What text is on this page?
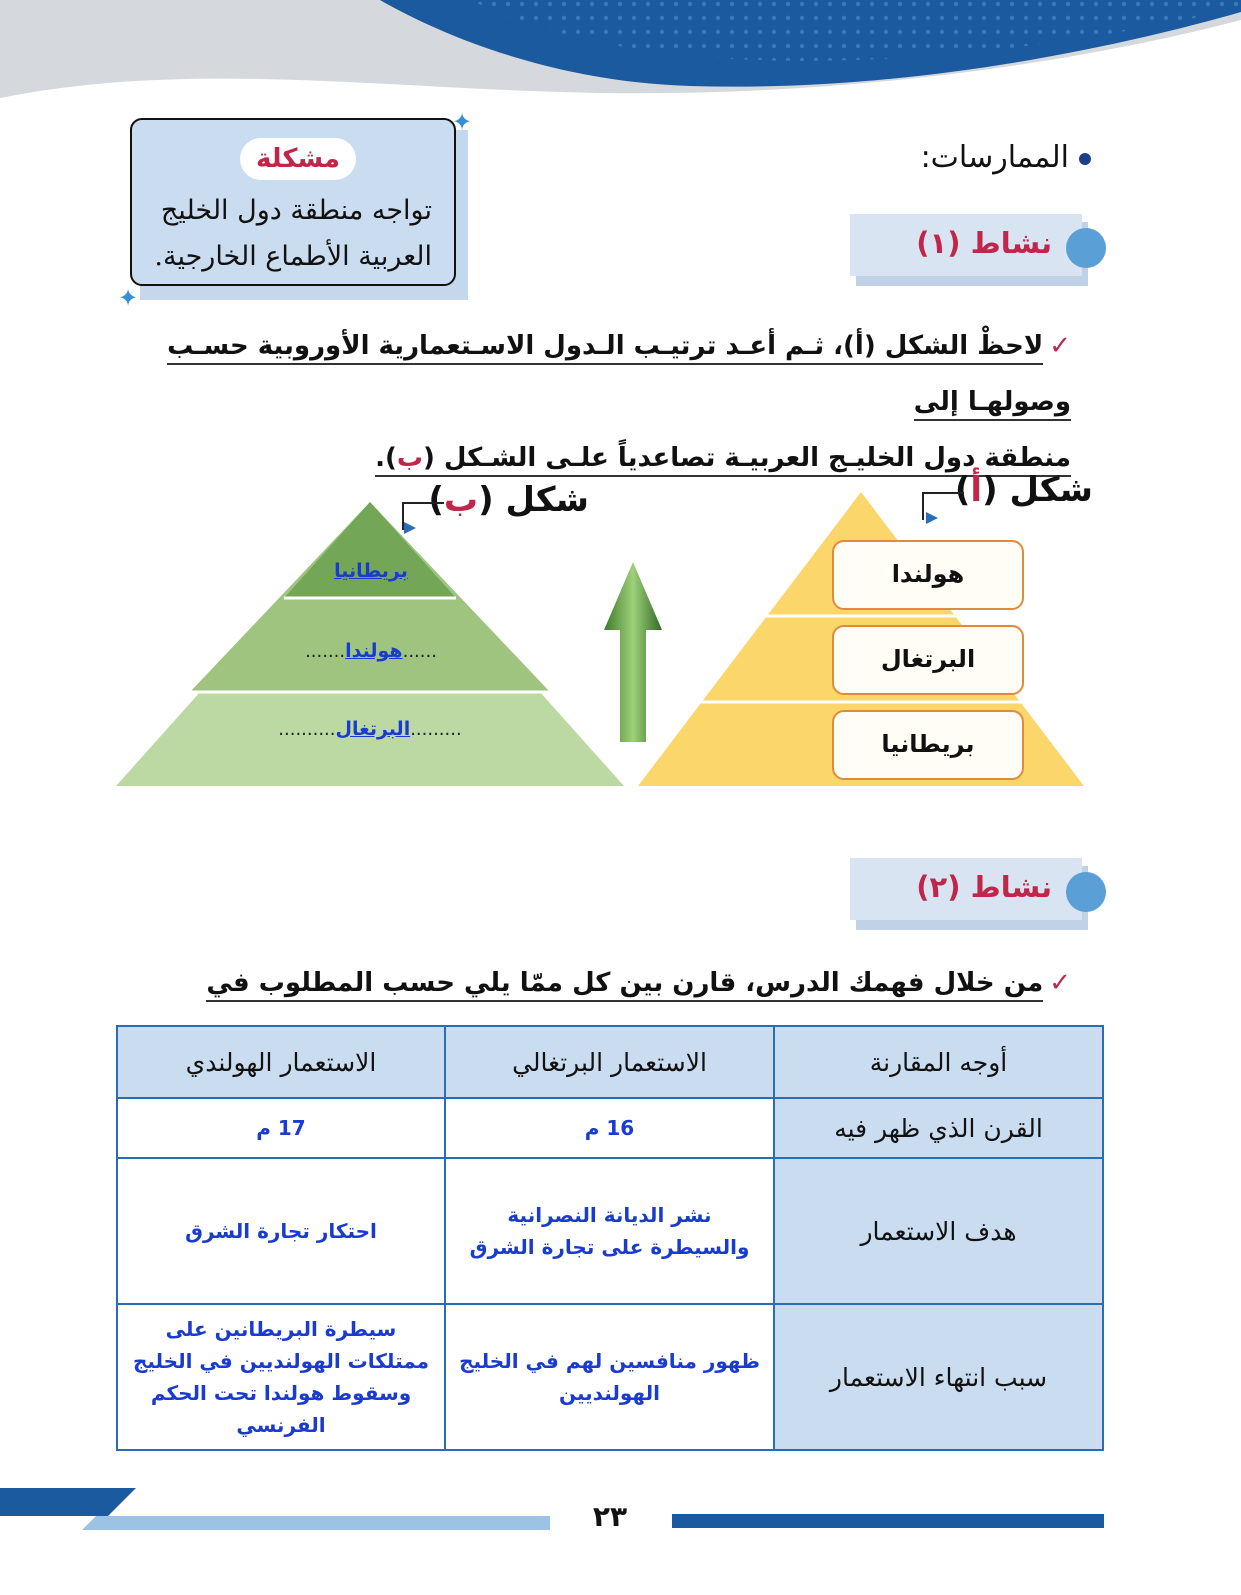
مشكلة
تواجه منطقة دول الخليج
العربية الأطماع الخارجية.
✦
✦
الممارسات:
نشاط (١)
✓لاحظْ الشكل (أ)، ثـم أعـد ترتيـب الـدول الاسـتعمارية الأوروبية حسـب وصولهـا إلى
منطقة دول الخليـج العربيـة تصاعدياً علـى الشـكل (ب).
هولندا
البرتغال
بريطانيا
شكل (أ)
بريطانيا
.......هولندا......
..........البرتغال.........
شكل (ب)
نشاط (٢)
✓من خلال فهمك الدرس، قارن بين كل ممّا يلي حسب المطلوب في
أوجه المقارنة	الاستعمار البرتغالي	الاستعمار الهولندي
القرن الذي ظهر فيه	16 م	17 م
هدف الاستعمار	نشر الديانة النصرانية والسيطرة على تجارة الشرق	احتكار تجارة الشرق
سبب انتهاء الاستعمار	ظهور منافسين لهم في الخليج الهولنديين	سيطرة البريطانين على ممتلكات الهولنديين في الخليج وسقوط هولندا تحت الحكم الفرنسي
٢٣
